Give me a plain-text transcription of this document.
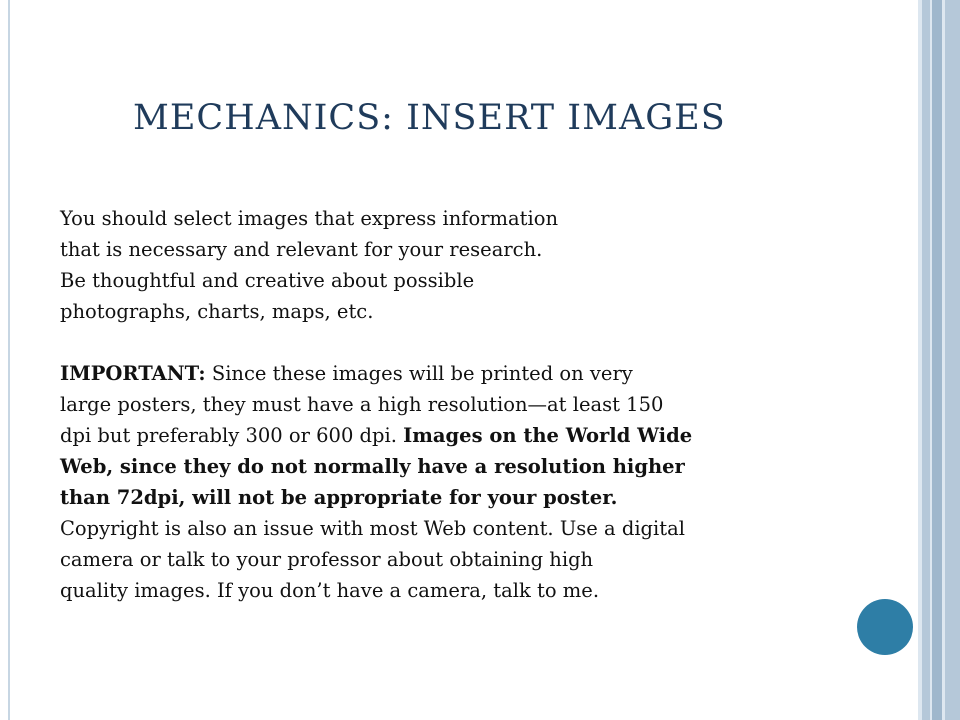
MECHANICS: INSERT IMAGES
You should select images that express information
that is necessary and relevant for your research.
Be thoughtful and creative about possible
photographs, charts, maps, etc.
IMPORTANT: Since these images will be printed on very
large posters, they must have a high resolution—at least 150
dpi but preferably 300 or 600 dpi. Images on the World Wide
Web, since they do not normally have a resolution higher
than 72dpi, will not be appropriate for your poster.
Copyright is also an issue with most Web content. Use a digital
camera or talk to your professor about obtaining high
quality images. If you don’t have a camera, talk to me.
